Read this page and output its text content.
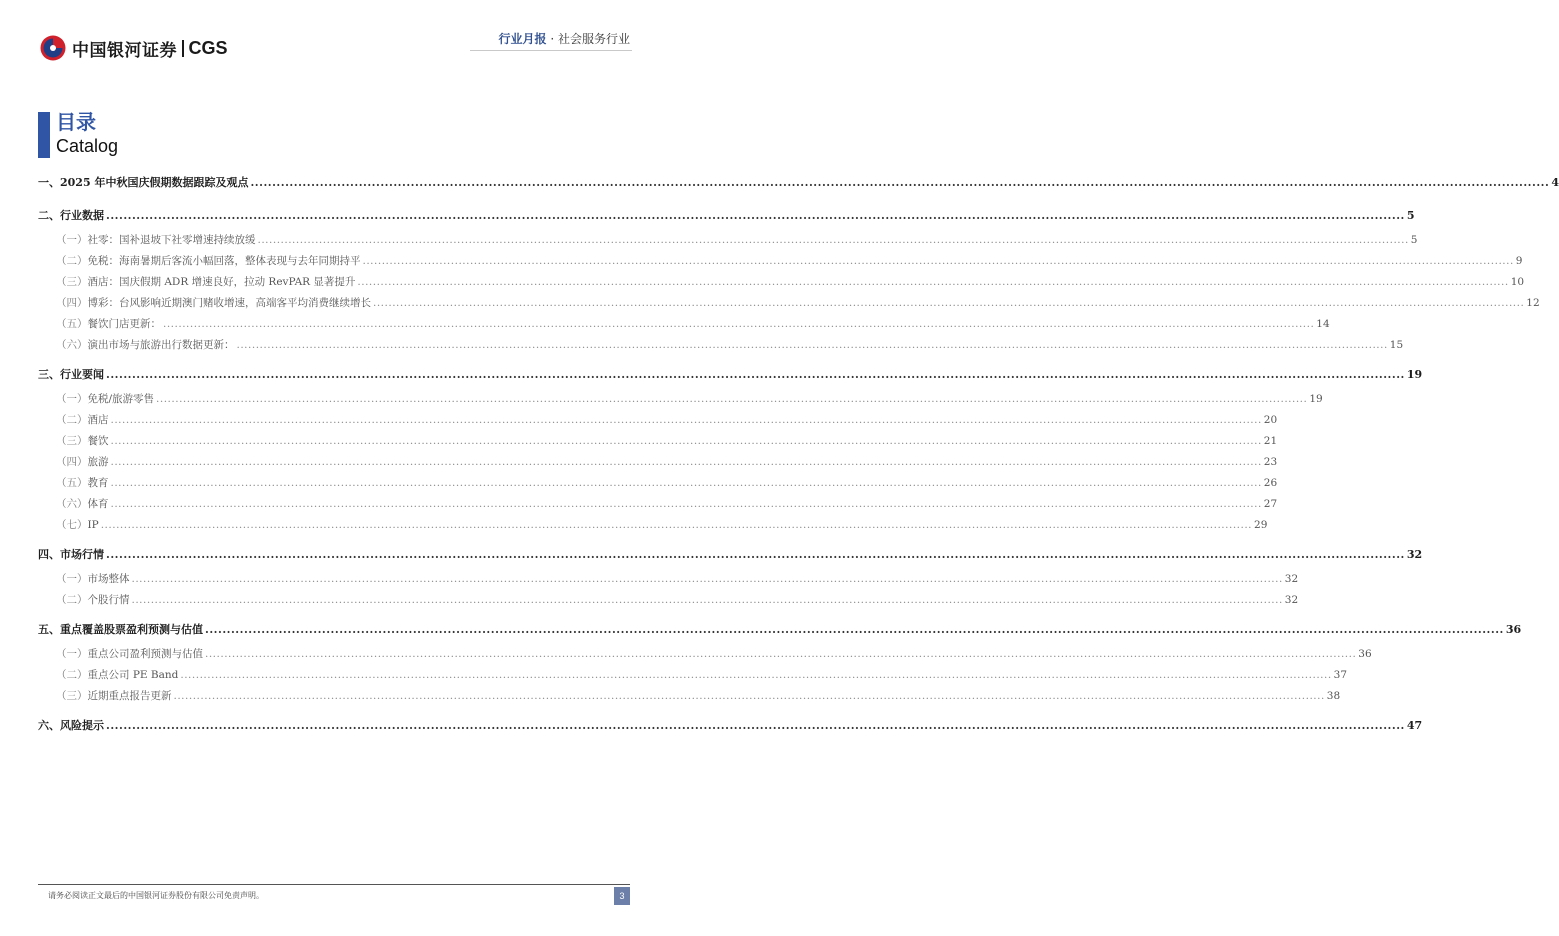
中国银河证券 CGS	行业月报 · 社会服务行业
目录
Catalog
一、 2025 年中秋国庆假期数据跟踪及观点 ............................................................................................................................................................................................................................................................................................................ 4
二、 行业数据 ............................................................................................................................................................................................................................................................................................................ 5
（一） 社零：国补退坡下社零增速持续放缓 ............................................................................................................................................................................................................................................................................................................ 5
（二） 免税：海南暑期后客流小幅回落，整体表现与去年同期持平 ............................................................................................................................................................................................................................................................................................................ 9
（三） 酒店：国庆假期 ADR 增速良好，拉动 RevPAR 显著提升 ............................................................................................................................................................................................................................................................................................................ 10
（四） 博彩：台风影响近期澳门赌收增速，高端客平均消费继续增长 ............................................................................................................................................................................................................................................................................................................ 12
（五） 餐饮门店更新： ............................................................................................................................................................................................................................................................................................................ 14
（六） 演出市场与旅游出行数据更新： ............................................................................................................................................................................................................................................................................................................ 15
三、 行业要闻 ............................................................................................................................................................................................................................................................................................................ 19
（一） 免税/旅游零售 ............................................................................................................................................................................................................................................................................................................ 19
（二） 酒店 ............................................................................................................................................................................................................................................................................................................ 20
（三） 餐饮 ............................................................................................................................................................................................................................................................................................................ 21
（四） 旅游 ............................................................................................................................................................................................................................................................................................................ 23
（五） 教育 ............................................................................................................................................................................................................................................................................................................ 26
（六） 体育 ............................................................................................................................................................................................................................................................................................................ 27
（七） IP ............................................................................................................................................................................................................................................................................................................ 29
四、 市场行情 ............................................................................................................................................................................................................................................................................................................ 32
（一） 市场整体 ............................................................................................................................................................................................................................................................................................................ 32
（二） 个股行情 ............................................................................................................................................................................................................................................................................................................ 32
五、 重点覆盖股票盈利预测与估值 ............................................................................................................................................................................................................................................................................................................ 36
（一） 重点公司盈利预测与估值 ............................................................................................................................................................................................................................................................................................................ 36
（二） 重点公司 PE Band ............................................................................................................................................................................................................................................................................................................ 37
（三） 近期重点报告更新 ............................................................................................................................................................................................................................................................................................................ 38
六、 风险提示 ............................................................................................................................................................................................................................................................................................................ 47
请务必阅读正文最后的中国银河证券股份有限公司免责声明。	3
